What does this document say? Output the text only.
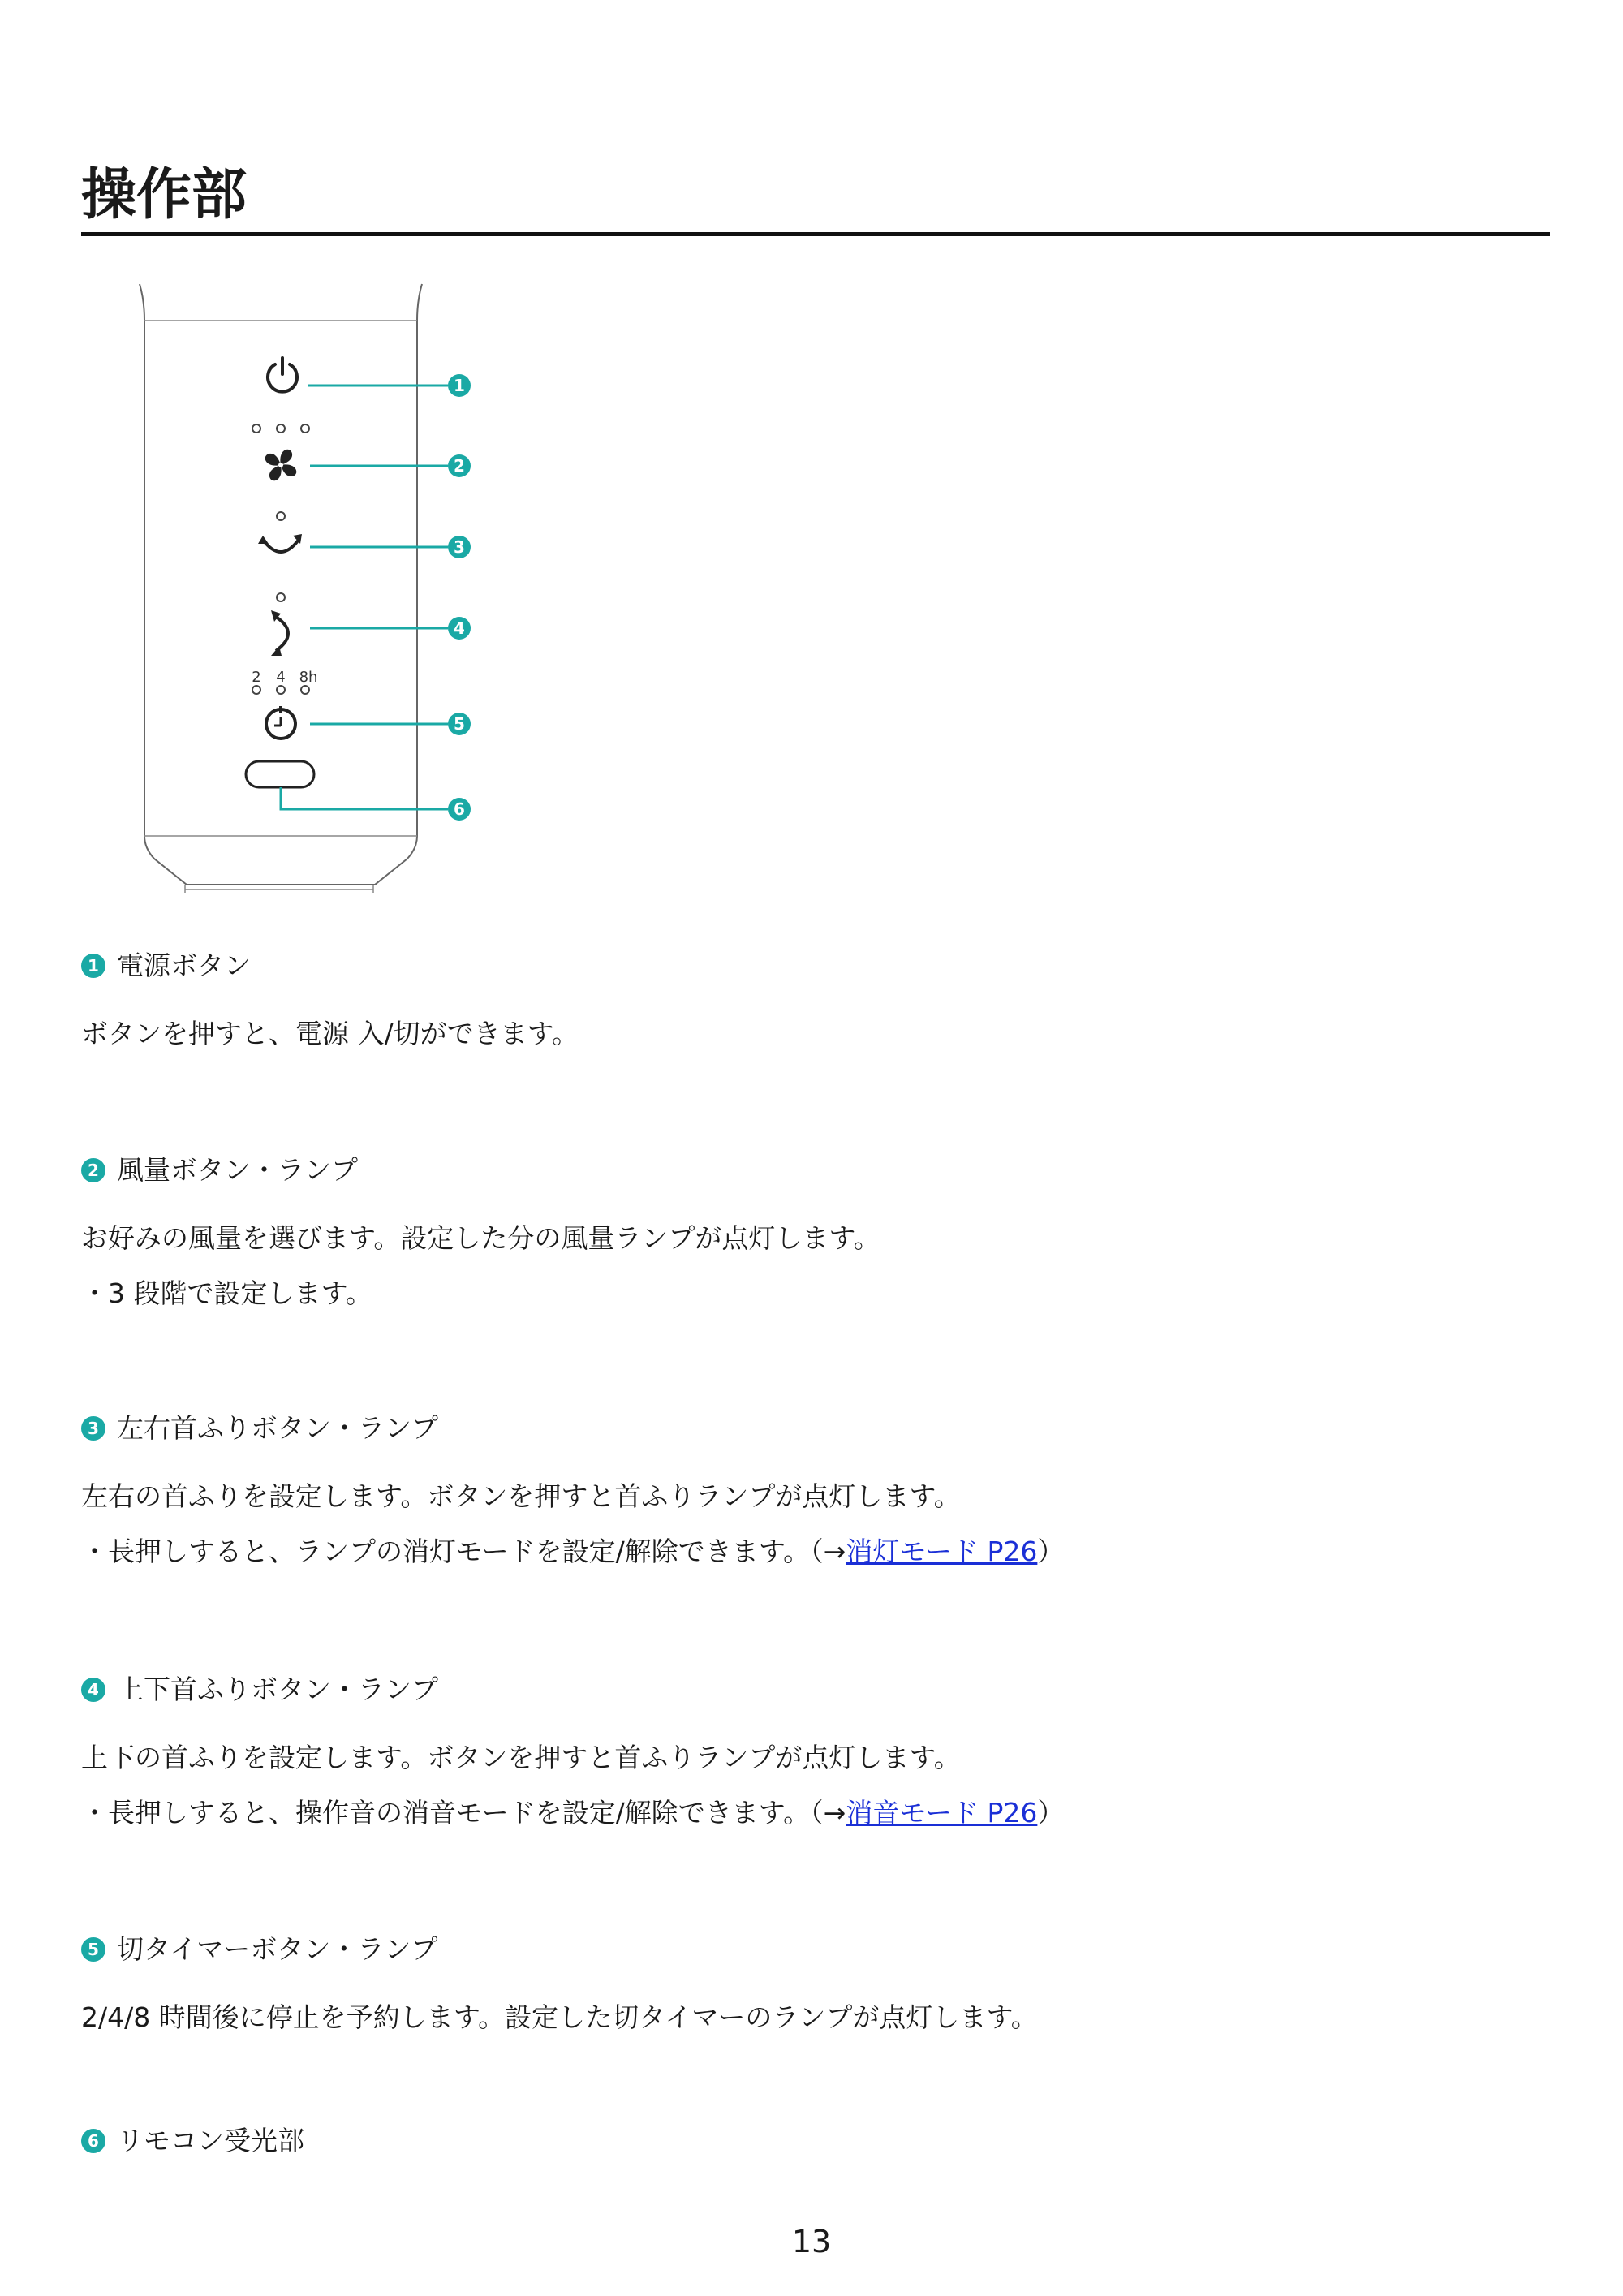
操作部
2 4 8h
1
2
3
4
5
6
1 電源ボタン
ボタンを押すと、電源 入/切ができます。
2 風量ボタン・ランプ
お好みの風量を選びます。設定した分の風量ランプが点灯します。
・3 段階で設定します。
3 左右首ふりボタン・ランプ
左右の首ふりを設定します。ボタンを押すと首ふりランプが点灯します。
・長押しすると、ランプの消灯モードを設定/解除できます。（→消灯モード P26）
4 上下首ふりボタン・ランプ
上下の首ふりを設定します。ボタンを押すと首ふりランプが点灯します。
・長押しすると、操作音の消音モードを設定/解除できます。（→消音モード P26）
5 切タイマーボタン・ランプ
2/4/8 時間後に停止を予約します。設定した切タイマーのランプが点灯します。
6 リモコン受光部
13
